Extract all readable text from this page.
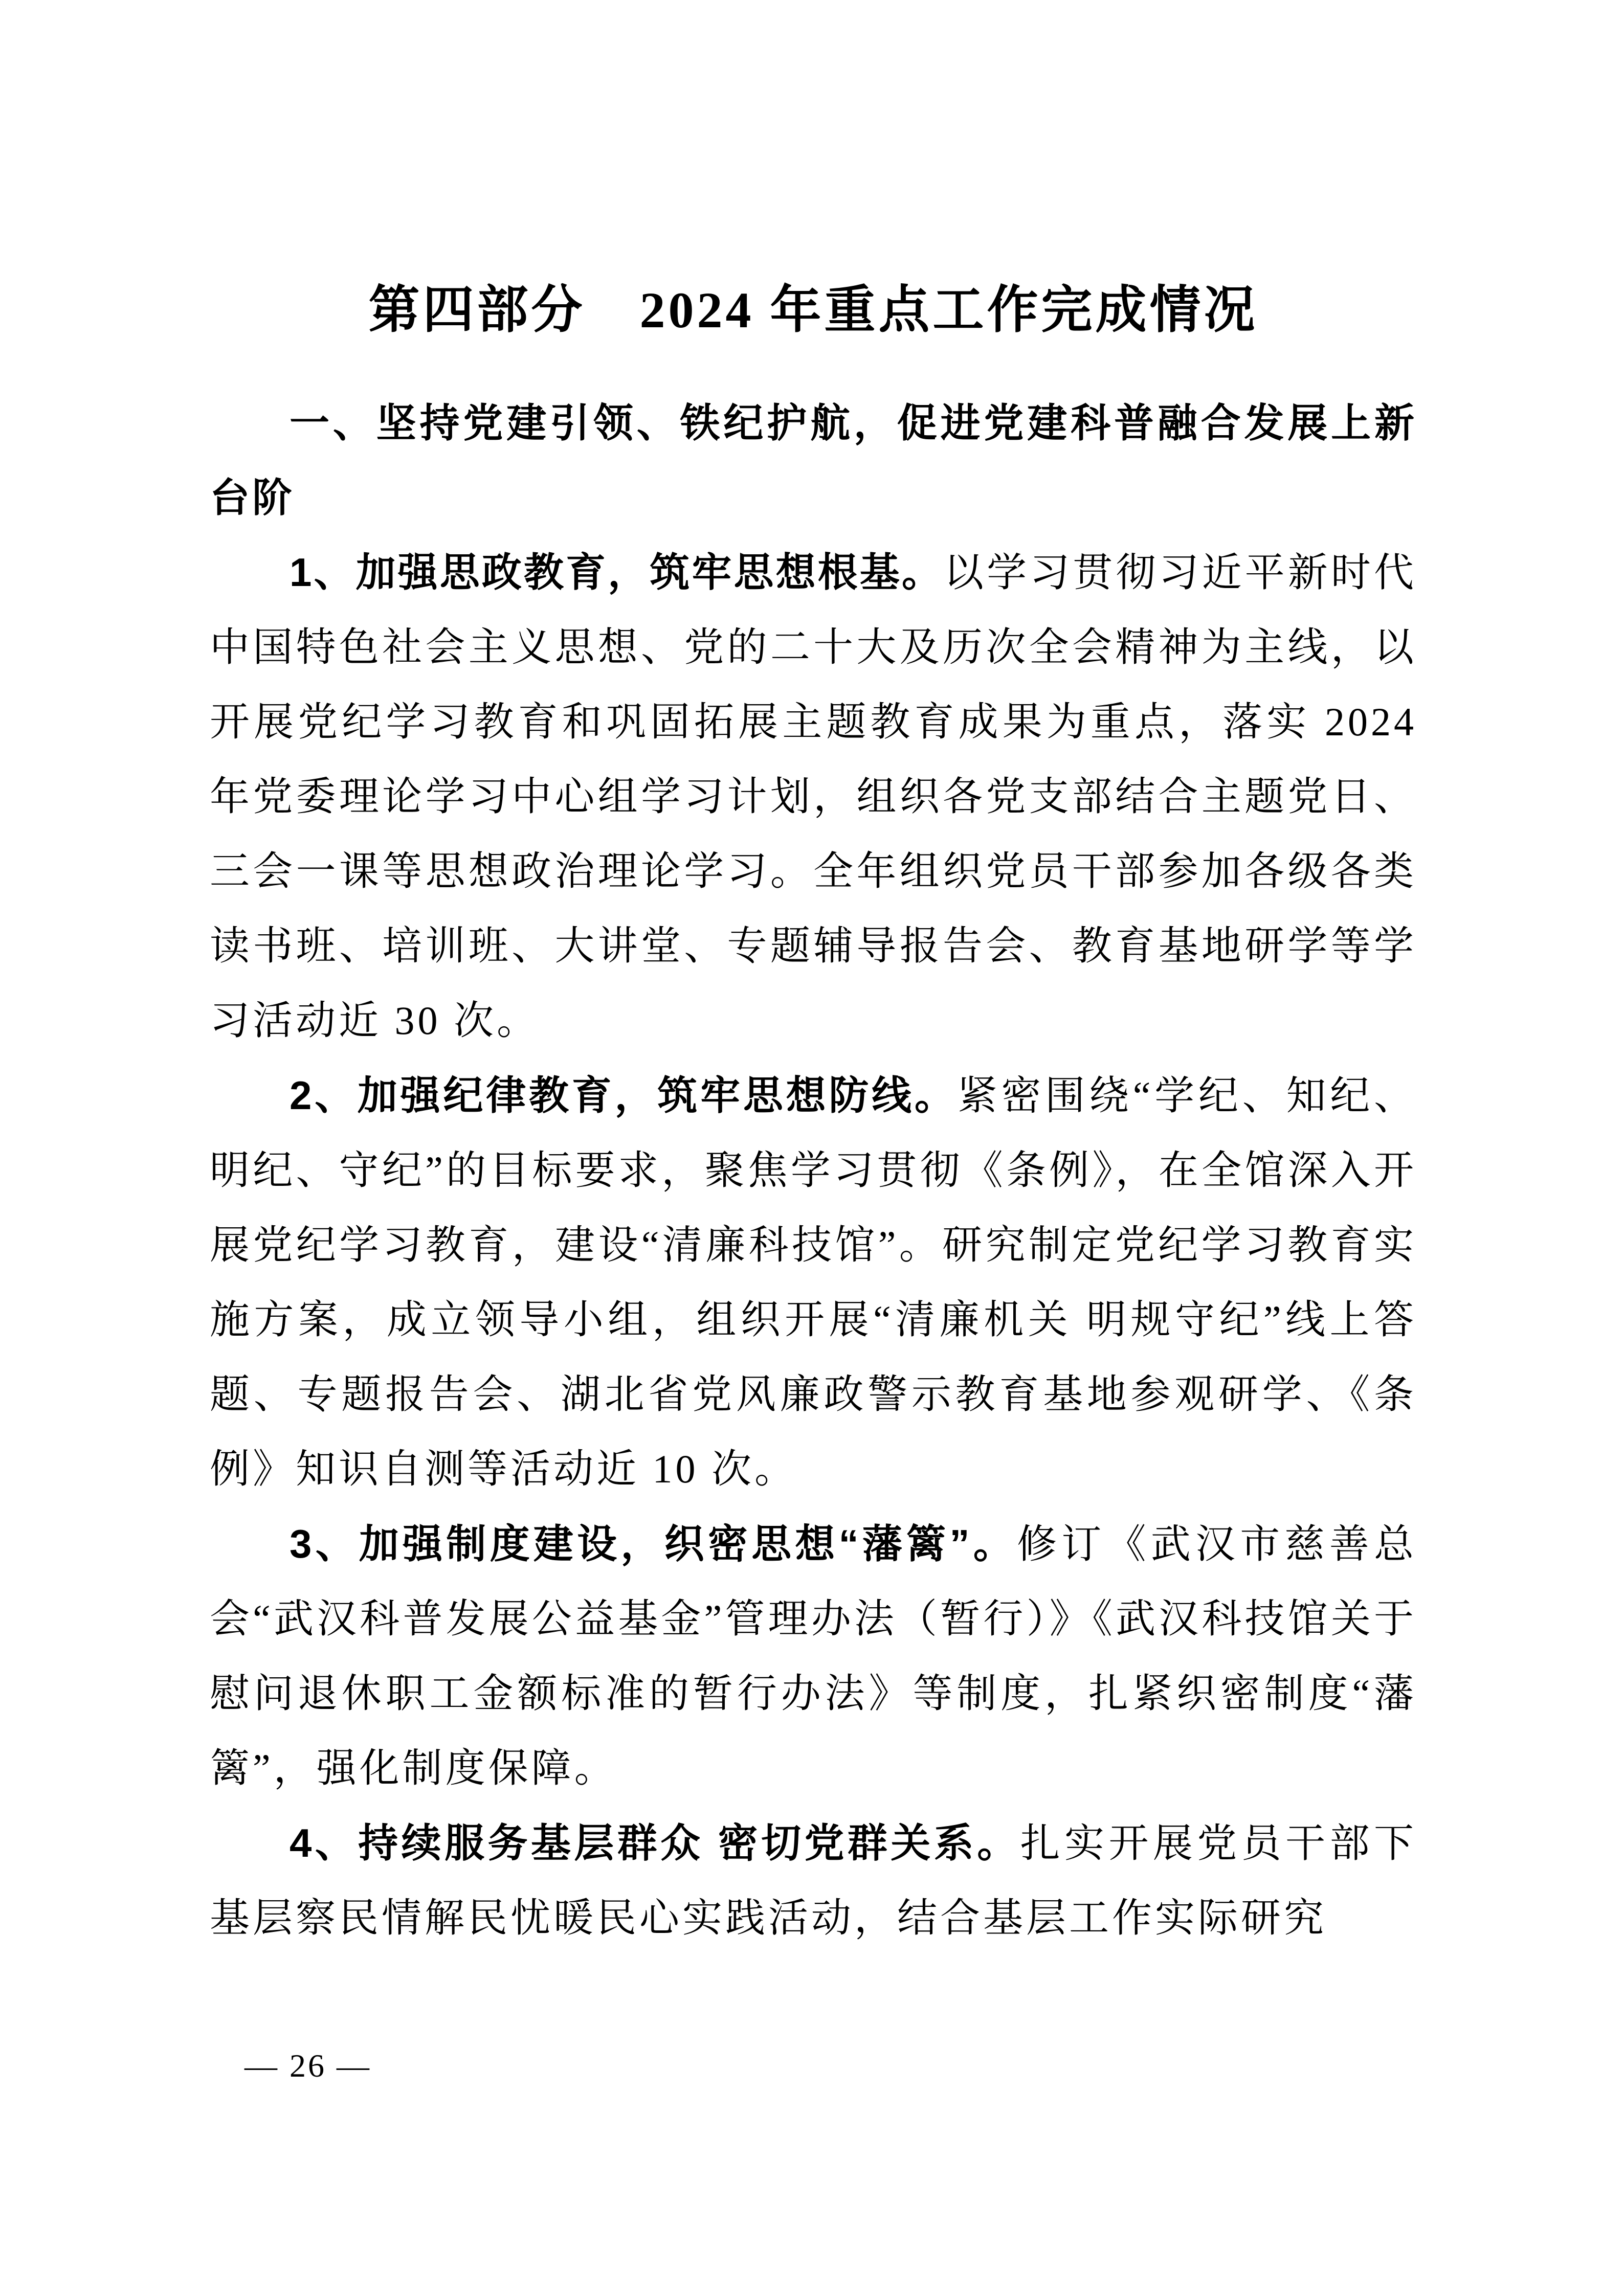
第四部分　2024 年重点工作完成情况
一、坚持党建引领、铁纪护航，促进党建科普融合发展上新台阶

1、加强思政教育，筑牢思想根基。以学习贯彻习近平新时代中国特色社会主义思想、党的二十大及历次全会精神为主线，以开展党纪学习教育和巩固拓展主题教育成果为重点，落实 2024 年党委理论学习中心组学习计划，组织各党支部结合主题党日、三会一课等思想政治理论学习。全年组织党员干部参加各级各类读书班、培训班、大讲堂、专题辅导报告会、教育基地研学等学习活动近 30 次。

2、加强纪律教育，筑牢思想防线。紧密围绕“学纪、知纪、明纪、守纪”的目标要求，聚焦学习贯彻《条例》，在全馆深入开展党纪学习教育，建设“清廉科技馆”。研究制定党纪学习教育实施方案，成立领导小组，组织开展“清廉机关 明规守纪”线上答题、专题报告会、湖北省党风廉政警示教育基地参观研学、《条例》知识自测等活动近 10 次。

3、加强制度建设，织密思想“藩篱”。修订《武汉市慈善总会“武汉科普发展公益基金”管理办法（暂行）》《武汉科技馆关于慰问退休职工金额标准的暂行办法》等制度，扎紧织密制度“藩篱”，强化制度保障。

4、持续服务基层群众 密切党群关系。扎实开展党员干部下基层察民情解民忧暖民心实践活动，结合基层工作实际研究

— 26 —
